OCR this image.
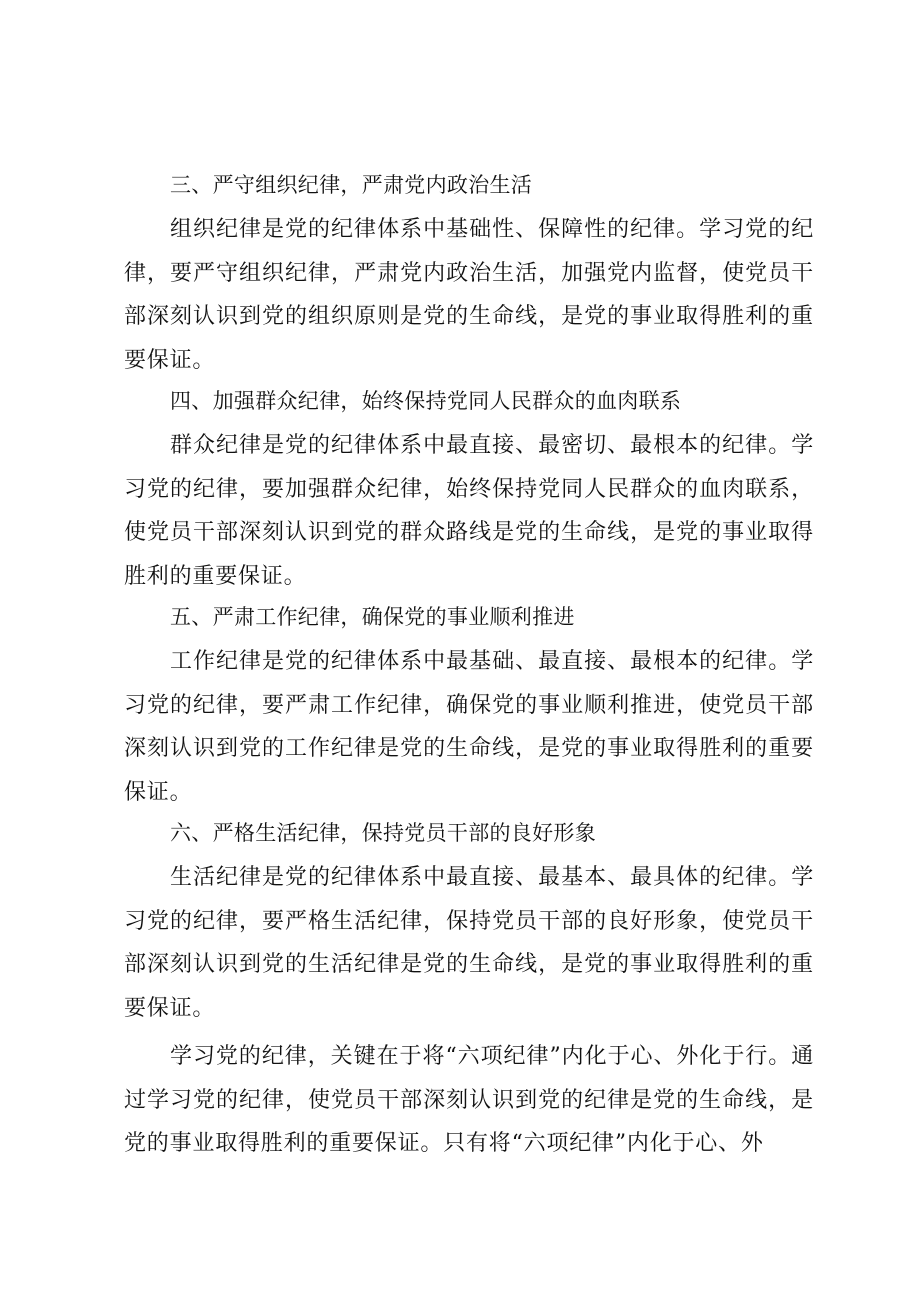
三、严守组织纪律，严肃党内政治生活

组织纪律是党的纪律体系中基础性、保障性的纪律。学习党的纪律，要严守组织纪律，严肃党内政治生活，加强党内监督，使党员干部深刻认识到党的组织原则是党的生命线，是党的事业取得胜利的重要保证。

四、加强群众纪律，始终保持党同人民群众的血肉联系

群众纪律是党的纪律体系中最直接、最密切、最根本的纪律。学习党的纪律，要加强群众纪律，始终保持党同人民群众的血肉联系，使党员干部深刻认识到党的群众路线是党的生命线，是党的事业取得胜利的重要保证。

五、严肃工作纪律，确保党的事业顺利推进

工作纪律是党的纪律体系中最基础、最直接、最根本的纪律。学习党的纪律，要严肃工作纪律，确保党的事业顺利推进，使党员干部深刻认识到党的工作纪律是党的生命线，是党的事业取得胜利的重要保证。

六、严格生活纪律，保持党员干部的良好形象

生活纪律是党的纪律体系中最直接、最基本、最具体的纪律。学习党的纪律，要严格生活纪律，保持党员干部的良好形象，使党员干部深刻认识到党的生活纪律是党的生命线，是党的事业取得胜利的重要保证。

学习党的纪律，关键在于将“六项纪律”内化于心、外化于行。通过学习党的纪律，使党员干部深刻认识到党的纪律是党的生命线，是党的事业取得胜利的重要保证。只有将“六项纪律”内化于心、外
